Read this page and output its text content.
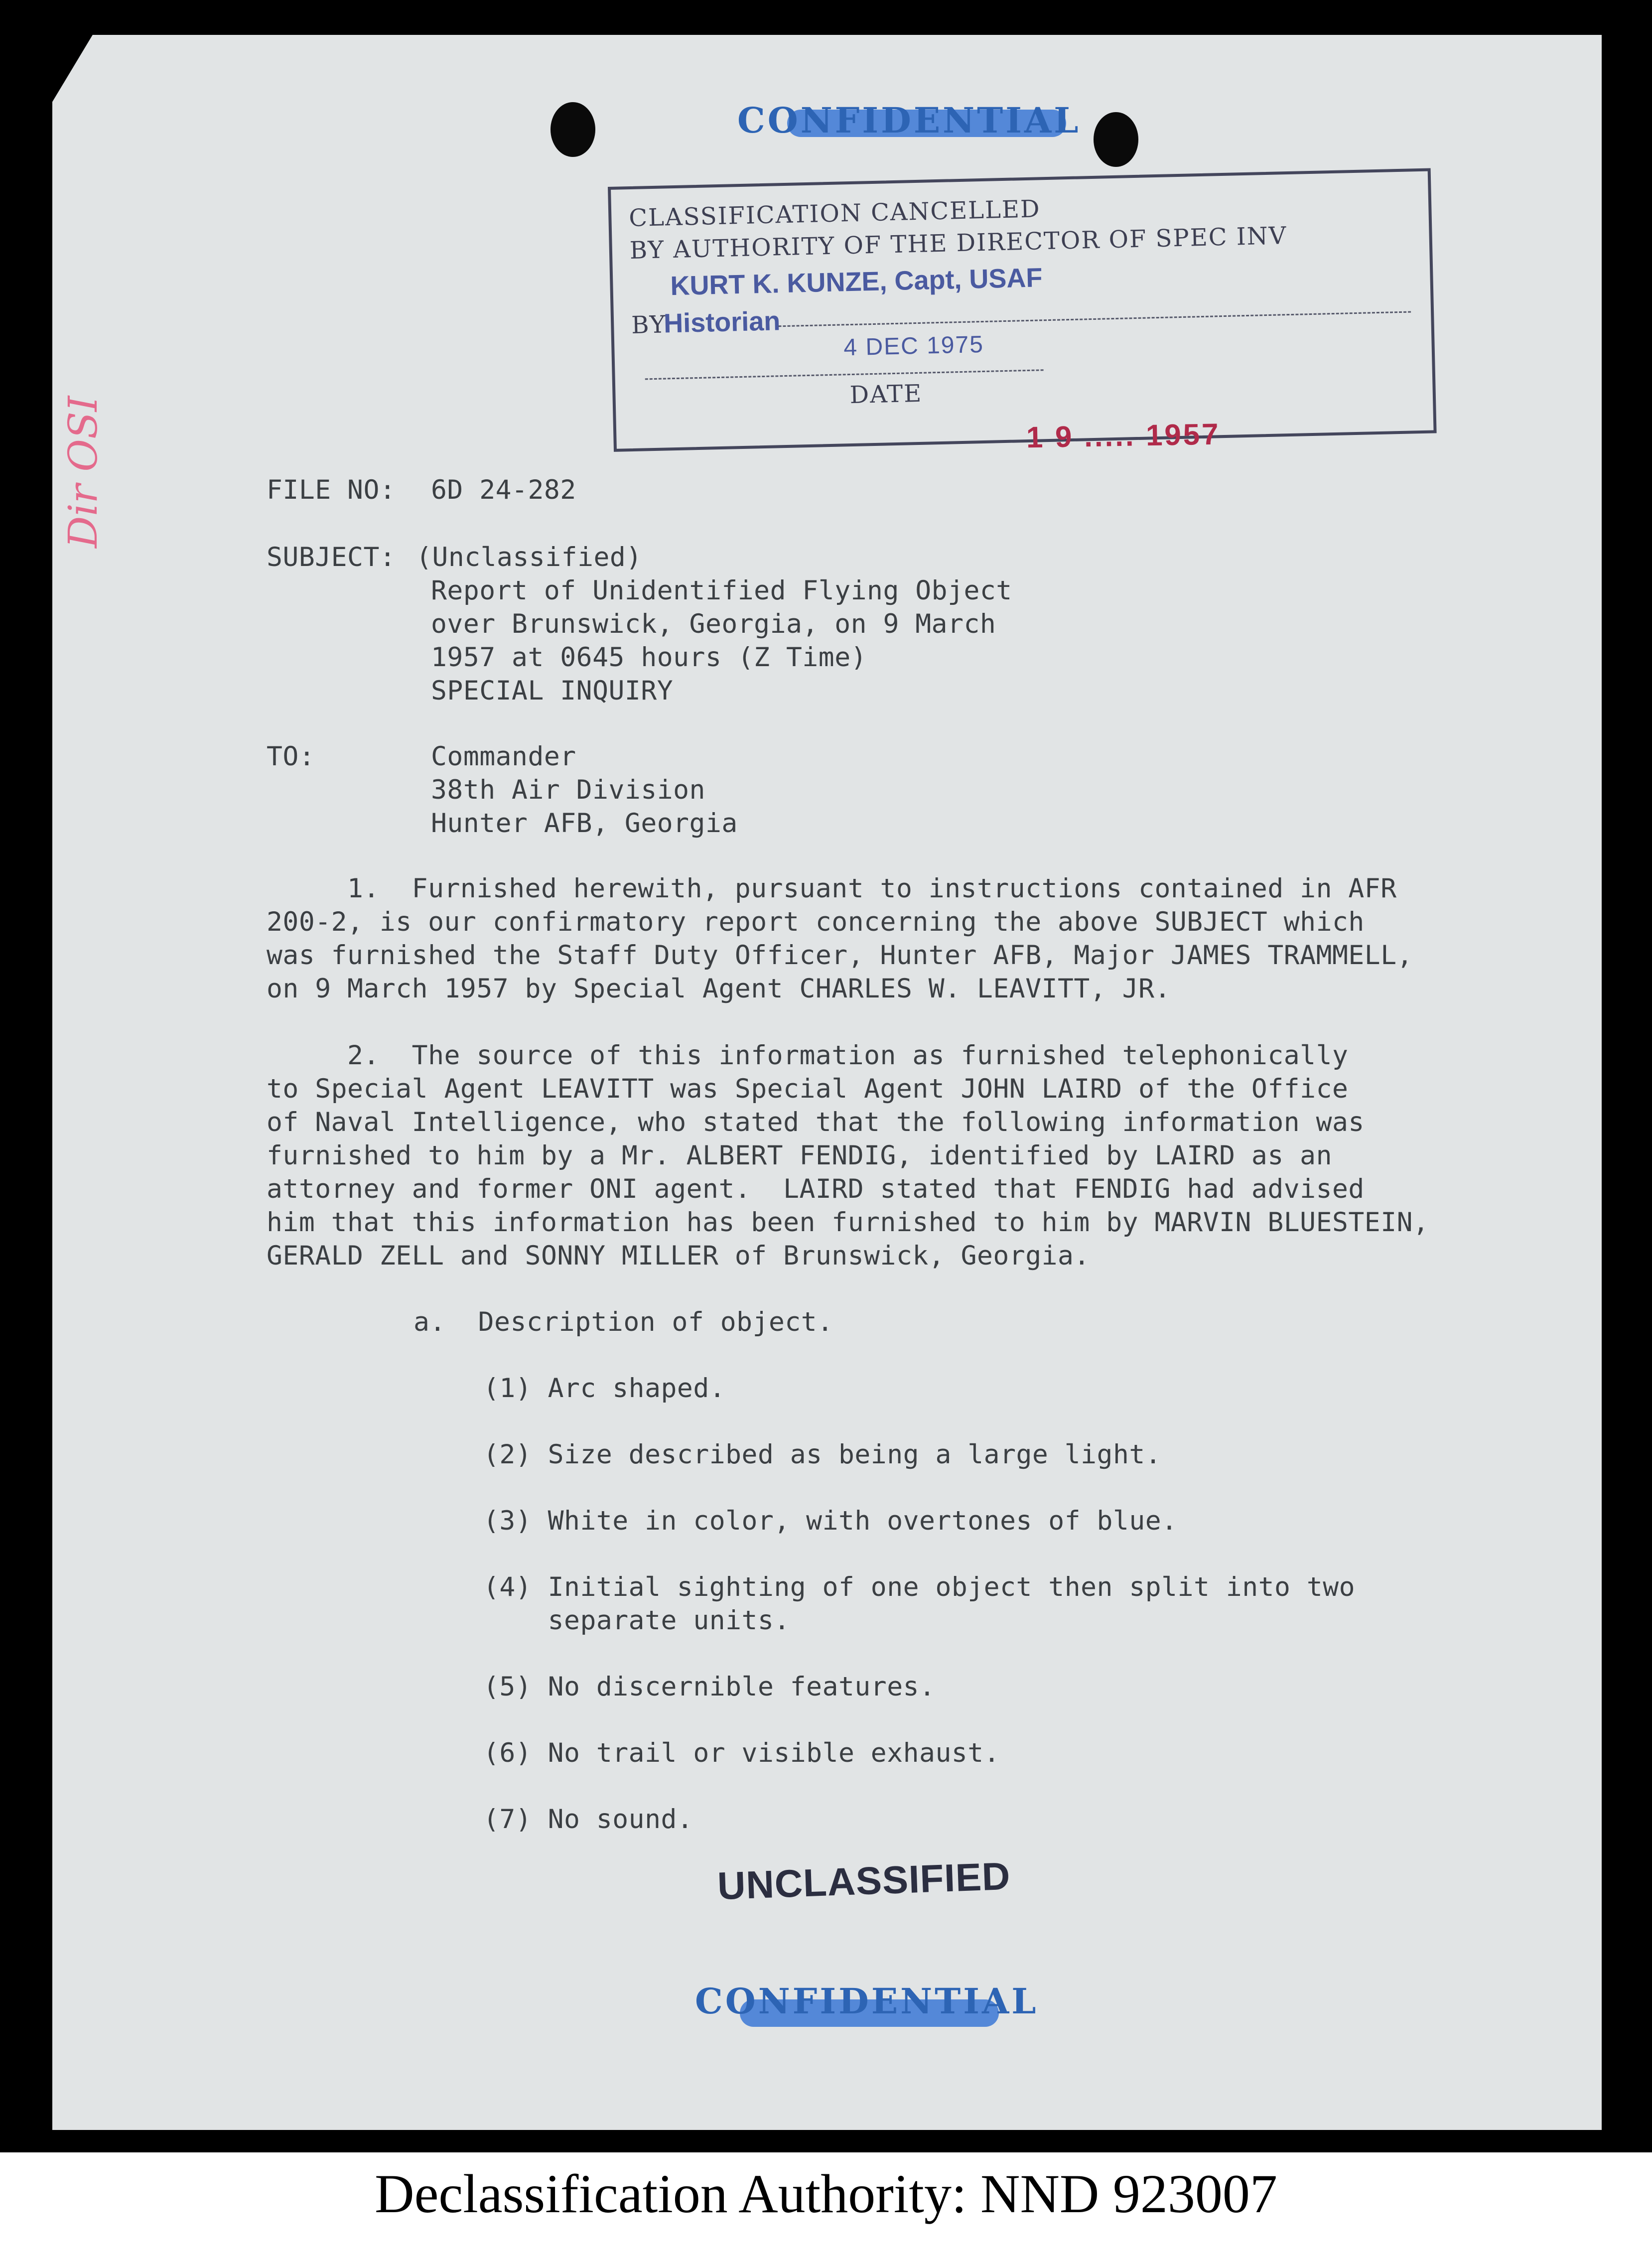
CONFIDENTIAL
CLASSIFICATION CANCELLED
BY AUTHORITY OF THE DIRECTOR OF SPEC INV
KURT K. KUNZE, Capt, USAF
BY
Historian
4 DEC 1975
DATE
1 9 ..... 1957
Dir OSI	FILE NO: 6D 24-282
SUBJECT: (Unclassified)
Report of Unidentified Flying Object
over Brunswick, Georgia, on 9 March
1957 at 0645 hours (Z Time)
SPECIAL INQUIRY
TO:	Commander
38th Air Division
Hunter AFB, Georgia
1.  Furnished herewith, pursuant to instructions contained in AFR
200-2, is our confirmatory report concerning the above SUBJECT which
was furnished the Staff Duty Officer, Hunter AFB, Major JAMES TRAMMELL,
on 9 March 1957 by Special Agent CHARLES W. LEAVITT, JR.
2.  The source of this information as furnished telephonically
to Special Agent LEAVITT was Special Agent JOHN LAIRD of the Office
of Naval Intelligence, who stated that the following information was
furnished to him by a Mr. ALBERT FENDIG, identified by LAIRD as an
attorney and former ONI agent.  LAIRD stated that FENDIG had advised
him that this information has been furnished to him by MARVIN BLUESTEIN,
GERALD ZELL and SONNY MILLER of Brunswick, Georgia.
a.  Description of object.
(1) Arc shaped.
(2) Size described as being a large light.
(3) White in color, with overtones of blue.
(4) Initial sighting of one object then split into two
separate units.
(5) No discernible features.
(6) No trail or visible exhaust.
(7) No sound.
UNCLASSIFIED
CONFIDENTIAL
Declassification Authority: NND 923007
